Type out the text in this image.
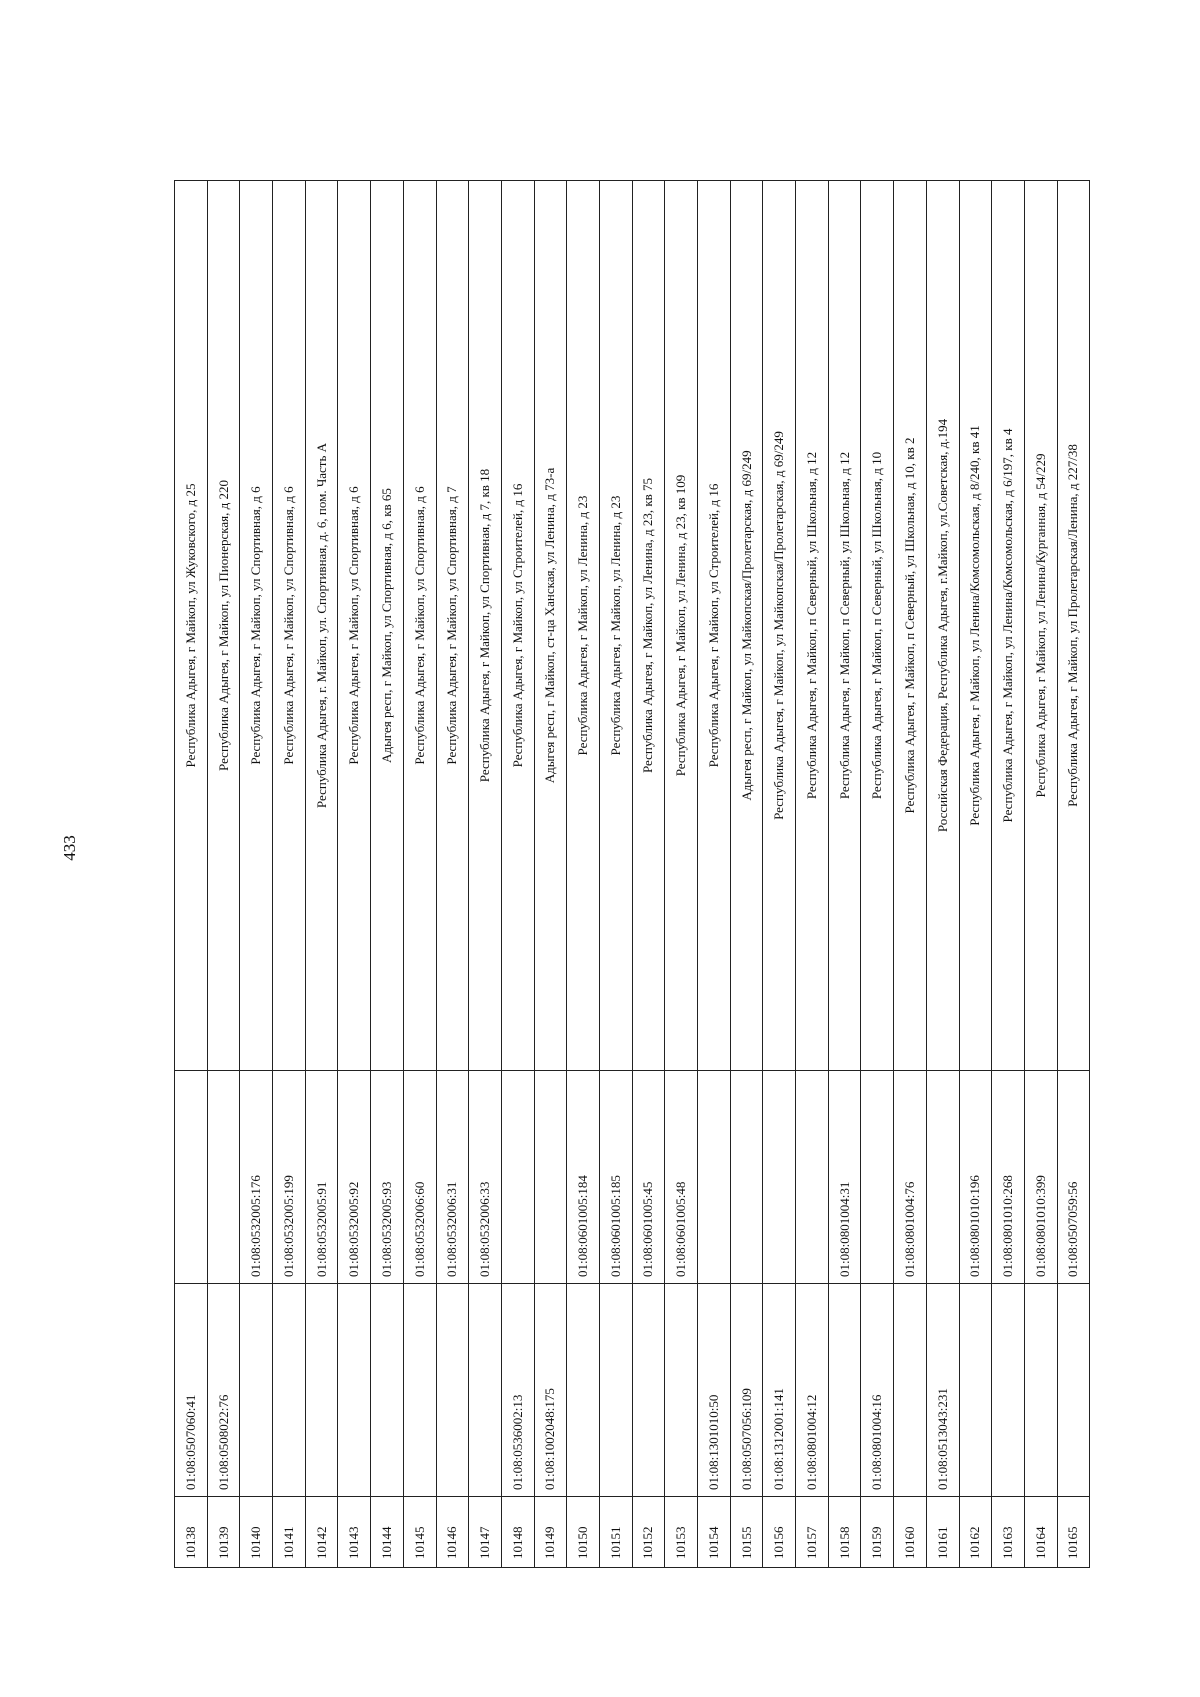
433
10138	01:08:0507060:41		Республика Адыгея, г Майкоп, ул Жуковского, д 25
10139	01:08:0508022:76		Республика Адыгея, г Майкоп, ул Пионерская, д 220
10140		01:08:0532005:176	Республика Адыгея, г Майкоп, ул Спортивная, д 6
10141		01:08:0532005:199	Республика Адыгея, г Майкоп, ул Спортивная, д 6
10142		01:08:0532005:91	Республика Адыгея, г. Майкоп, ул. Спортивная, д. 6, пом. Часть А
10143		01:08:0532005:92	Республика Адыгея, г Майкоп, ул Спортивная, д 6
10144		01:08:0532005:93	Адыгея респ, г Майкоп, ул Спортивная, д 6, кв 65
10145		01:08:0532006:60	Республика Адыгея, г Майкоп, ул Спортивная, д 6
10146		01:08:0532006:31	Республика Адыгея, г Майкоп, ул Спортивная, д 7
10147		01:08:0532006:33	Республика Адыгея, г Майкоп, ул Спортивная, д 7, кв 18
10148	01:08:0536002:13		Республика Адыгея, г Майкоп, ул Строителей, д 16
10149	01:08:1002048:175		Адыгея респ, г Майкоп, ст-ца Ханская, ул Ленина, д 73-а
10150		01:08:0601005:184	Республика Адыгея, г Майкоп, ул Ленина, д 23
10151		01:08:0601005:185	Республика Адыгея, г Майкоп, ул Ленина, д 23
10152		01:08:0601005:45	Республика Адыгея, г Майкоп, ул Ленина, д 23, кв 75
10153		01:08:0601005:48	Республика Адыгея, г Майкоп, ул Ленина, д 23, кв 109
10154	01:08:1301010:50		Республика Адыгея, г Майкоп, ул Строителей, д 16
10155	01:08:0507056:109		Адыгея респ, г Майкоп, ул Майкопская/Пролетарская, д 69/249
10156	01:08:1312001:141		Республика Адыгея, г Майкоп, ул Майкопская/Пролетарская, д 69/249
10157	01:08:0801004:12		Республика Адыгея, г Майкоп, п Северный, ул Школьная, д 12
10158		01:08:0801004:31	Республика Адыгея, г Майкоп, п Северный, ул Школьная, д 12
10159	01:08:0801004:16		Республика Адыгея, г Майкоп, п Северный, ул Школьная, д 10
10160		01:08:0801004:76	Республика Адыгея, г Майкоп, п Северный, ул Школьная, д 10, кв 2
10161	01:08:0513043:231		Российская Федерация, Республика Адыгея, г.Майкоп, ул.Советская, д.194
10162		01:08:0801010:196	Республика Адыгея, г Майкоп, ул Ленина/Комсомольская, д 8/240, кв 41
10163		01:08:0801010:268	Республика Адыгея, г Майкоп, ул Ленина/Комсомольская, д 6/197, кв 4
10164		01:08:0801010:399	Республика Адыгея, г Майкоп, ул Ленина/Курганная, д 54/229
10165		01:08:0507059:56	Республика Адыгея, г Майкоп, ул Пролетарская/Ленина, д 227/38
